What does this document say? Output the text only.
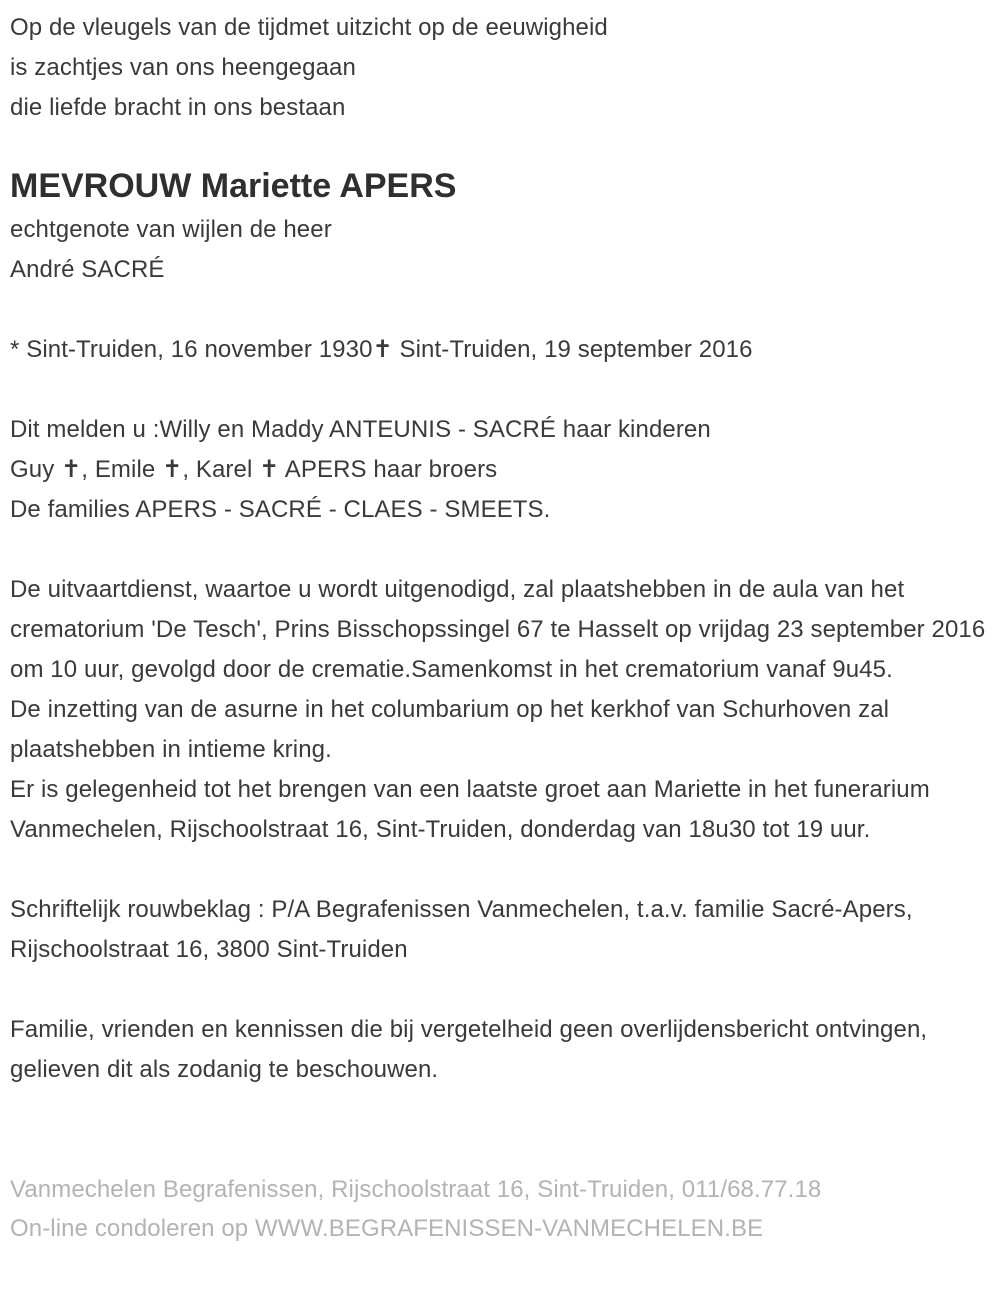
Op de vleugels van de tijdmet uitzicht op de eeuwigheid
is zachtjes van ons heengegaan
die liefde bracht in ons bestaan
MEVROUW Mariette APERS
echtgenote van wijlen de heer
André SACRÉ
* Sint-Truiden, 16 november 1930✝ Sint-Truiden, 19 september 2016
Dit melden u :Willy en Maddy ANTEUNIS - SACRÉ haar kinderen
Guy ✝, Emile ✝, Karel ✝ APERS haar broers
De families APERS - SACRÉ - CLAES - SMEETS.

De uitvaartdienst, waartoe u wordt uitgenodigd, zal plaatshebben in de aula van het crematorium 'De Tesch', Prins Bisschopssingel 67 te Hasselt op vrijdag 23 september 2016 om 10 uur, gevolgd door de crematie.Samenkomst in het crematorium vanaf 9u45.

De inzetting van de asurne in het columbarium op het kerkhof van Schurhoven zal plaatshebben in intieme kring.

Er is gelegenheid tot het brengen van een laatste groet aan Mariette in het funerarium Vanmechelen, Rijschoolstraat 16, Sint-Truiden, donderdag van 18u30 tot 19 uur.

Schriftelijk rouwbeklag : P/A Begrafenissen Vanmechelen, t.a.v. familie Sacré-Apers, Rijschoolstraat 16, 3800 Sint-Truiden

Familie, vrienden en kennissen die bij vergetelheid geen overlijdensbericht ontvingen, gelieven dit als zodanig te beschouwen.

Vanmechelen Begrafenissen, Rijschoolstraat 16, Sint-Truiden, 011/68.77.18
On-line condoleren op WWW.BEGRAFENISSEN-VANMECHELEN.BE
